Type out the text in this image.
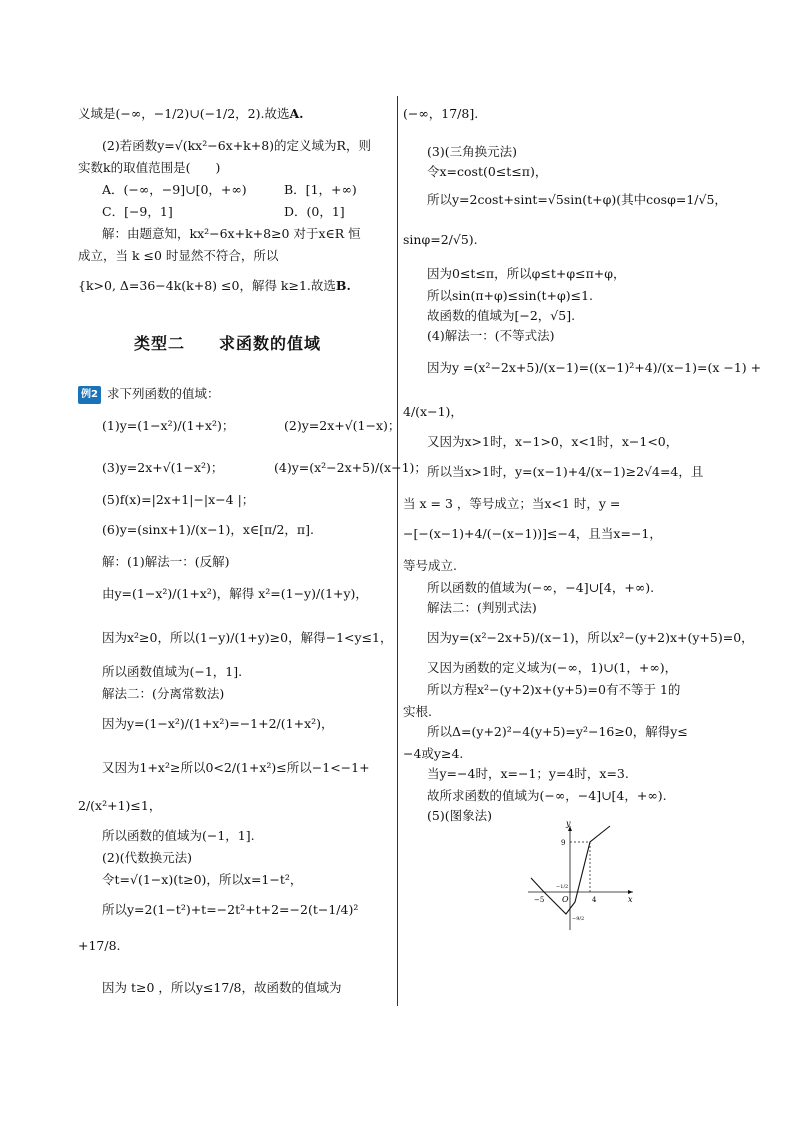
义域是(−∞，−1/2)∪(−1/2，2).故选A.
(2)若函数y=√(kx²−6x+k+8)的定义域为R，则
实数k的取值范围是(　　)
A．(−∞，−9]∪[0，+∞)	B．[1，+∞)
C．[−9，1]	D．(0，1]
解：由题意知，kx²−6x+k+8≥0 对于x∈R 恒
成立，当 k ≤0 时显然不符合，所以
{k>0, Δ=36−4k(k+8) ≤0，解得 k≥1.故选B.
类型二　　求函数的值域
例2 求下列函数的值域：
(1)y=(1−x²)/(1+x²)；	(2)y=2x+√(1−x)；
(3)y=2x+√(1−x²)；	(4)y=(x²−2x+5)/(x−1)；
(5)f(x)=|2x+1|−|x−4 |；
(6)y=(sinx+1)/(x−1)，x∈[π/2，π].
解：(1)解法一：(反解)
由y=(1−x²)/(1+x²)，解得 x²=(1−y)/(1+y)，
因为x²≥0，所以(1−y)/(1+y)≥0，解得−1<y≤1，
所以函数值域为(−1，1].
解法二：(分离常数法)
因为y=(1−x²)/(1+x²)=−1+2/(1+x²)，
又因为1+x²≥所以0<2/(1+x²)≤所以−1<−1+
2/(x²+1)≤1，
所以函数的值域为(−1，1].
(2)(代数换元法)
令t=√(1−x)(t≥0)，所以x=1−t²，
所以y=2(1−t²)+t=−2t²+t+2=−2(t−1/4)²
+17/8.
因为 t≥0 ，所以y≤17/8，故函数的值域为
(−∞，17/8].
(3)(三角换元法)
令x=cost(0≤t≤π)，
所以y=2cost+sint=√5sin(t+φ)(其中cosφ=1/√5，
sinφ=2/√5).
因为0≤t≤π，所以φ≤t+φ≤π+φ，
所以sin(π+φ)≤sin(t+φ)≤1.
故函数的值域为[−2，√5].
(4)解法一：(不等式法)
因为y =(x²−2x+5)/(x−1)=((x−1)²+4)/(x−1)=(x −1) +
4/(x−1)，
又因为x>1时，x−1>0，x<1时，x−1<0，
所以当x>1时，y=(x−1)+4/(x−1)≥2√4=4，且
当 x = 3 ，等号成立；当x<1 时，y =
−[−(x−1)+4/(−(x−1))]≤−4，且当x=−1，
等号成立.
所以函数的值域为(−∞，−4]∪[4，+∞).
解法二：(判别式法)
因为y=(x²−2x+5)/(x−1)，所以x²−(y+2)x+(y+5)=0，
又因为函数的定义域为(−∞，1)∪(1，+∞)，
所以方程x²−(y+2)x+(y+5)=0有不等于 1的
实根.
所以Δ=(y+2)²−4(y+5)=y²−16≥0，解得y≤
−4或y≥4.
当y=−4时，x=−1；y=4时，x=3.
故所求函数的值域为(−∞，−4]∪[4，+∞).
(5)(图象法)
y
x
O
9
−5	4
−1/2
−9/2
